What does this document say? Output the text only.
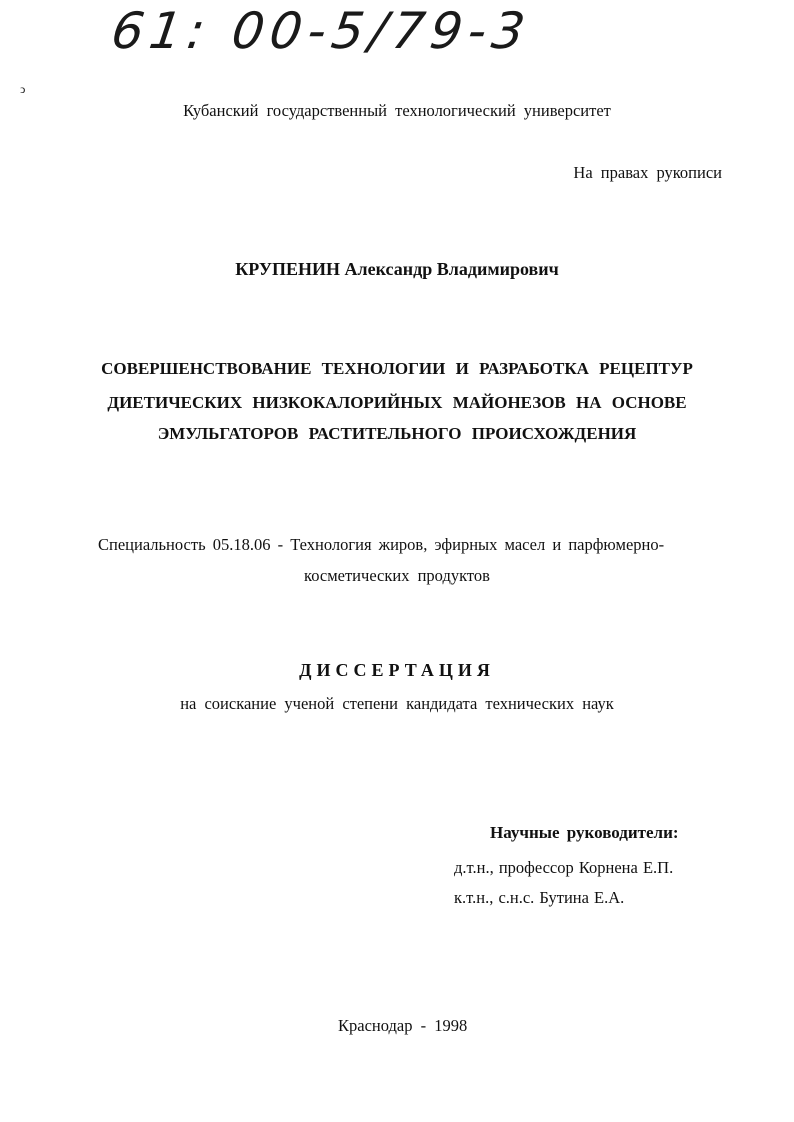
61: 00-5/79-3
ↄ
Кубанский государственный технологический университет
На правах рукописи
КРУПЕНИН Александр Владимирович
СОВЕРШЕНСТВОВАНИЕ ТЕХНОЛОГИИ И РАЗРАБОТКА РЕЦЕПТУР
ДИЕТИЧЕСКИХ НИЗКОКАЛОРИЙНЫХ МАЙОНЕЗОВ НА ОСНОВЕ
ЭМУЛЬГАТОРОВ РАСТИТЕЛЬНОГО ПРОИСХОЖДЕНИЯ
Специальность 05.18.06 - Технология жиров, эфирных масел и парфюмерно-
косметических продуктов
ДИССЕРТАЦИЯ
на соискание ученой степени кандидата технических наук
Научные руководители:
д.т.н., профессор Корнена Е.П.
к.т.н., с.н.с. Бутина Е.А.
Краснодар - 1998
